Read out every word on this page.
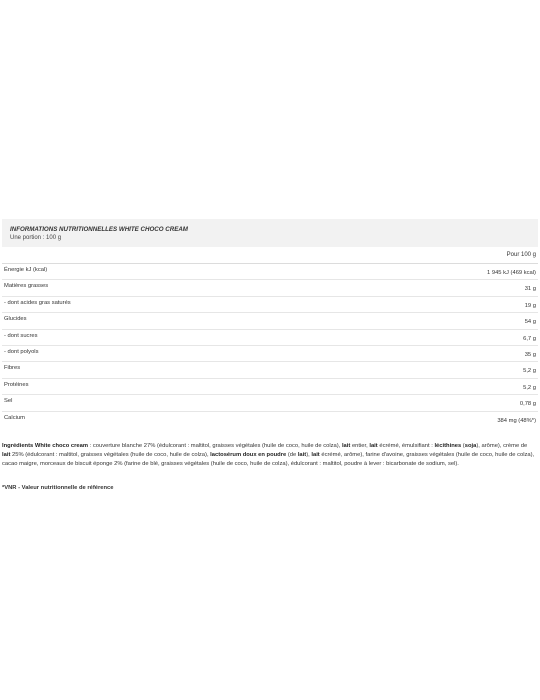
INFORMATIONS NUTRITIONNELLES WHITE CHOCO CREAM
Une portion : 100 g
Pour 100 g
Énergie kJ (kcal)	1 945 kJ (469 kcal)
Matières grasses	31 g
- dont acides gras saturés	19 g
Glucides	54 g
- dont sucres	6,7 g
- dont polyols	35 g
Fibres	5,2 g
Protéines	5,2 g
Sel	0,78 g
Calcium	384 mg (48%*)
Ingrédients White choco cream : couverture blanche 27% (édulcorant : maltitol, graisses végétales (huile de coco, huile de colza), lait entier, lait écrémé, émulsifiant : lécithines (soja), arôme), crème de lait 25% (édulcorant : maltitol, graisses végétales (huile de coco, huile de colza), lactosérum doux en poudre (de lait), lait écrémé, arôme), farine d'avoine, graisses végétales (huile de coco, huile de colza), cacao maigre, morceaux de biscuit éponge 2% (farine de blé, graisses végétales (huile de coco, huile de colza), édulcorant : maltitol, poudre à lever : bicarbonate de sodium, sel).
*VNR - Valeur nutritionnelle de référence
